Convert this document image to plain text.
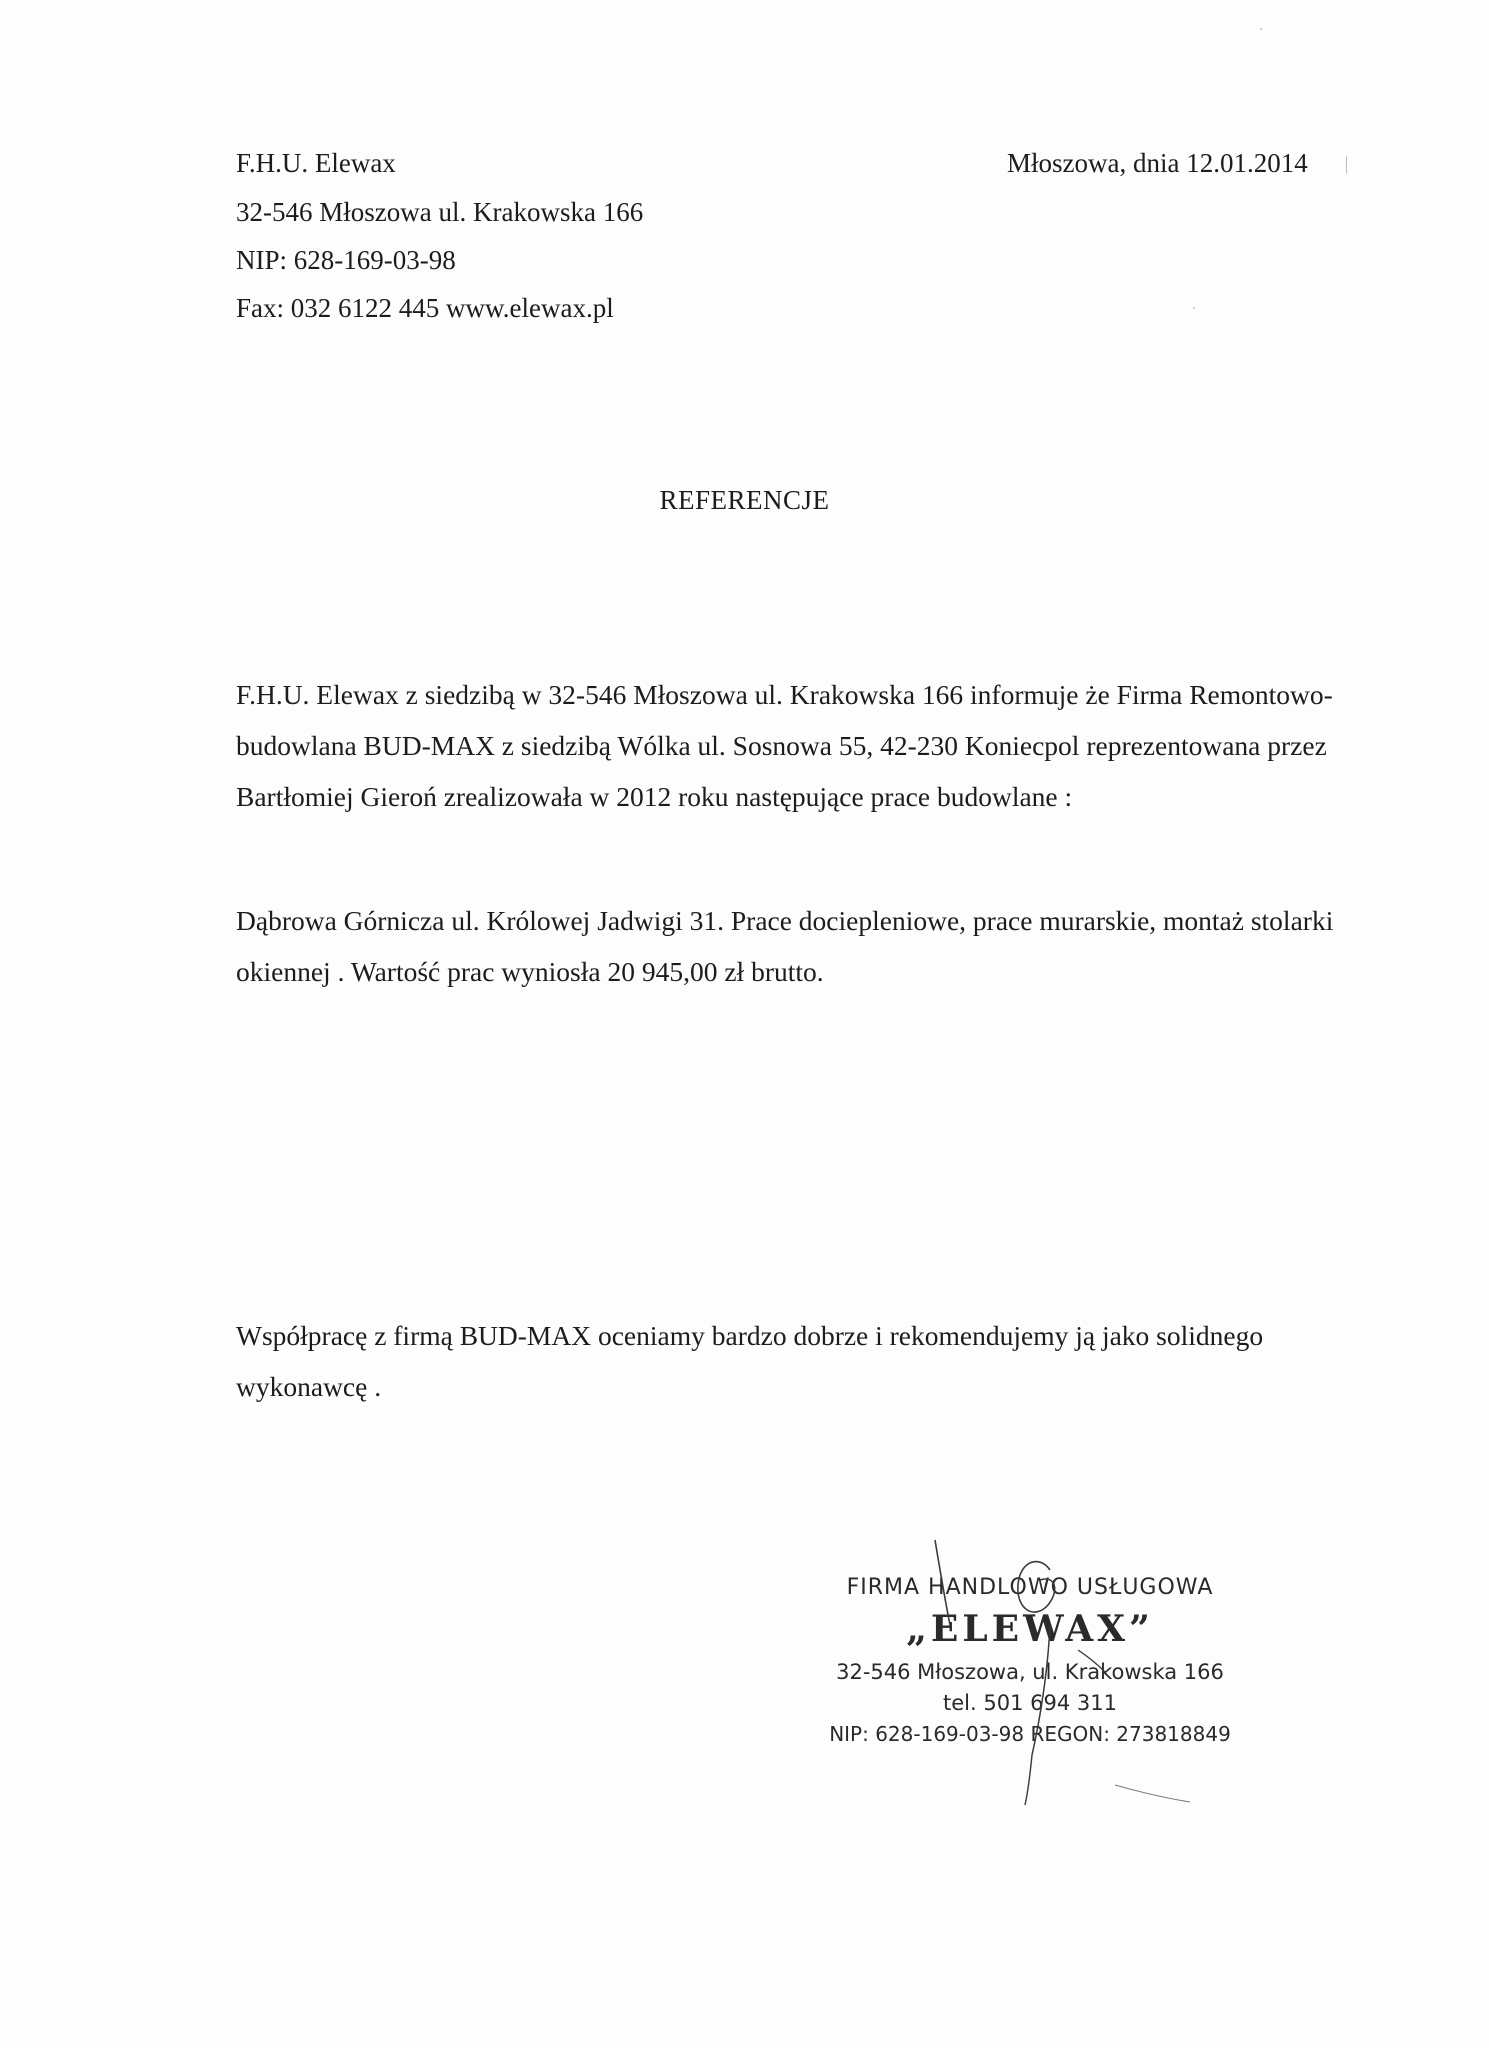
F.H.U. Elewax
32-546 Młoszowa ul. Krakowska 166
NIP: 628-169-03-98
Fax: 032 6122 445 www.elewax.pl
Młoszowa, dnia 12.01.2014
REFERENCJE
F.H.U. Elewax z siedzibą w 32-546 Młoszowa ul. Krakowska 166 informuje że Firma Remontowo-
budowlana BUD-MAX z siedzibą Wólka ul. Sosnowa 55, 42-230 Koniecpol reprezentowana przez
Bartłomiej Gieroń zrealizowała w 2012 roku następujące prace budowlane :
Dąbrowa Górnicza ul. Królowej Jadwigi 31. Prace dociepleniowe, prace murarskie, montaż stolarki
okiennej . Wartość prac wyniosła 20 945,00 zł brutto.
Współpracę z firmą BUD-MAX oceniamy bardzo dobrze i rekomendujemy ją jako solidnego
wykonawcę .
FIRMA HANDLOWO USŁUGOWA
„ELEWAX”
32-546 Młoszowa, ul. Krakowska 166
tel. 501 694 311
NIP: 628-169-03-98 REGON: 273818849
